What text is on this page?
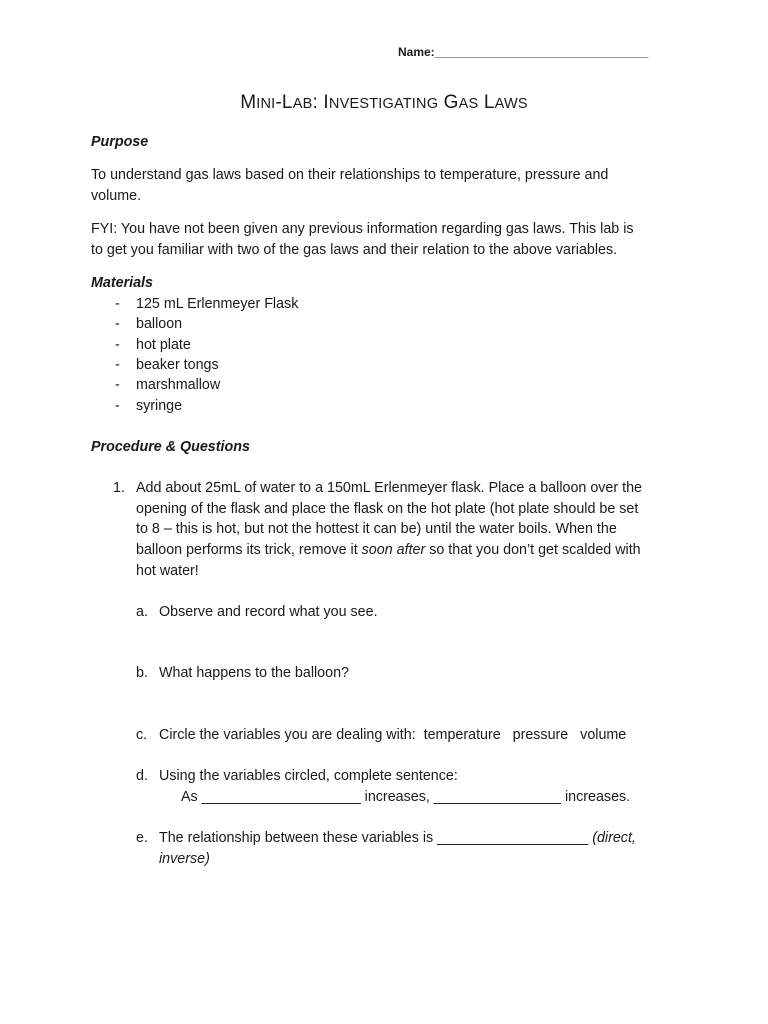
Name:________________________________
MINI-LAB: INVESTIGATING GAS LAWS
Purpose
To understand gas laws based on their relationships to temperature, pressure and
volume.
FYI: You have not been given any previous information regarding gas laws. This lab is
to get you familiar with two of the gas laws and their relation to the above variables.
Materials
- 125 mL Erlenmeyer Flask
- balloon
- hot plate
- beaker tongs
- marshmallow
- syringe
Procedure & Questions
1. Add about 25mL of water to a 150mL Erlenmeyer flask. Place a balloon over the
opening of the flask and place the flask on the hot plate (hot plate should be set
to 8 – this is hot, but not the hottest it can be) until the water boils. When the
balloon performs its trick, remove it soon after so that you don’t get scalded with
hot water!
a. Observe and record what you see.
b. What happens to the balloon?
c. Circle the variables you are dealing with:  temperature   pressure   volume
d. Using the variables circled, complete sentence:
As ____________________ increases, ________________ increases.
e. The relationship between these variables is ___________________ (direct,
inverse)
